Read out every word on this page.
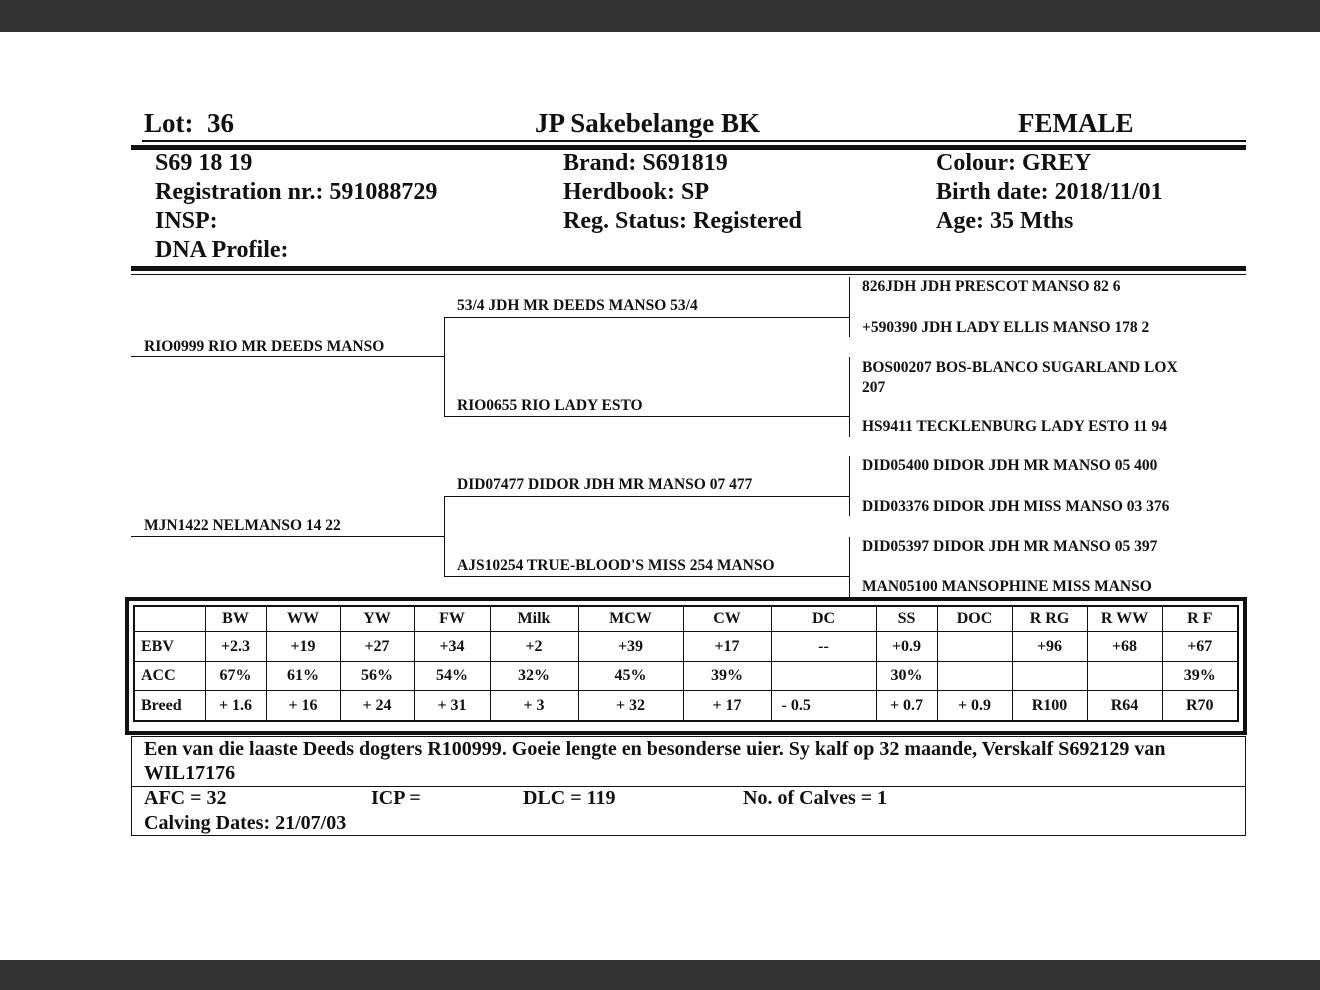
Lot: 36	JP Sakebelange BK	FEMALE
S69 18 19
Registration nr.: 591088729
INSP:
DNA Profile:
Brand: S691819
Herdbook: SP
Reg. Status: Registered
Colour: GREY
Birth date: 2018/11/01
Age: 35 Mths
RIO0999 RIO MR DEEDS MANSO
MJN1422 NELMANSO 14 22
53/4 JDH MR DEEDS MANSO 53/4
RIO0655 RIO LADY ESTO
DID07477 DIDOR JDH MR MANSO 07 477
AJS10254 TRUE-BLOOD'S MISS 254 MANSO
826JDH JDH PRESCOT MANSO 82 6
+590390 JDH LADY ELLIS MANSO 178 2
BOS00207 BOS-BLANCO SUGARLAND LOX
207
HS9411 TECKLENBURG LADY ESTO 11 94
DID05400 DIDOR JDH MR MANSO 05 400
DID03376 DIDOR JDH MISS MANSO 03 376
DID05397 DIDOR JDH MR MANSO 05 397
MAN05100 MANSOPHINE MISS MANSO
	BW	WW	YW	FW	Milk	MCW	CW	DC	SS	DOC	R RG	R WW	R F
EBV	+2.3	+19	+27	+34	+2	+39	+17	--	+0.9		+96	+68	+67
ACC	67%	61%	56%	54%	32%	45%	39%		30%				39%
Breed	+ 1.6	+ 16	+ 24	+ 31	+ 3	+ 32	+ 17	- 0.5	+ 0.7	+ 0.9	R100	R64	R70
Een van die laaste Deeds dogters R100999. Goeie lengte en besonderse uier. Sy kalf op 32 maande, Verskalf S692129 van
WIL17176
AFC = 32	ICP =	DLC = 119	No. of Calves = 1
Calving Dates: 21/07/03
